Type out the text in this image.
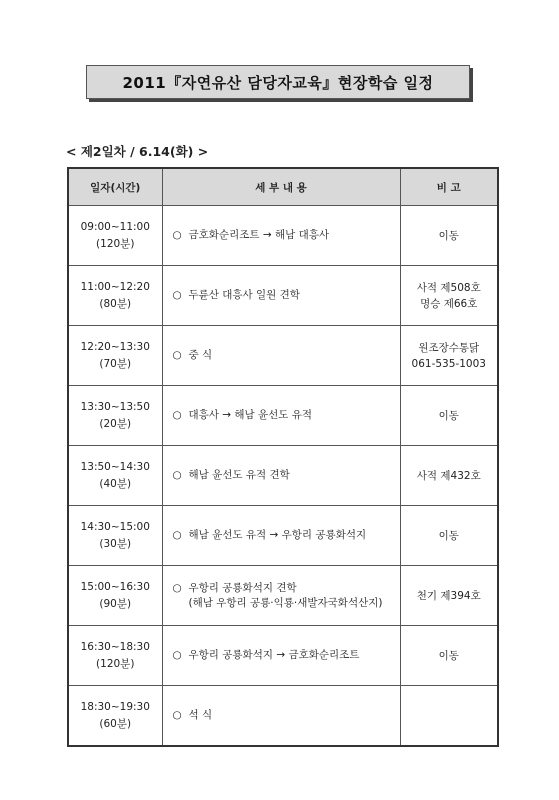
2011『자연유산 담당자교육』현장학습 일정
< 제2일차 / 6.14(화) >
일자(시간)	세 부 내 용	비 고

09:00~11:00
(120분)	○ 금호화순리조트 → 해남 대흥사	이동

11:00~12:20
(80분)	○ 두륜산 대흥사 일원 견학	사적 제508호
명승 제66호

12:20~13:30
(70분)	○ 중 식	원조장수통닭
061-535-1003

13:30~13:50
(20분)	○ 대흥사 → 해남 윤선도 유적	이동

13:50~14:30
(40분)	○ 해남 윤선도 유적 견학	사적 제432호

14:30~15:00
(30분)	○ 해남 윤선도 유적 → 우항리 공룡화석지	이동

15:00~16:30
(90분)	○ 우항리 공룡화석지 견학
(해남 우항리 공룡·익룡·새발자국화석산지)	천기 제394호

16:30~18:30
(120분)	○ 우항리 공룡화석지 → 금호화순리조트	이동

18:30~19:30
(60분)	○ 석 식	
